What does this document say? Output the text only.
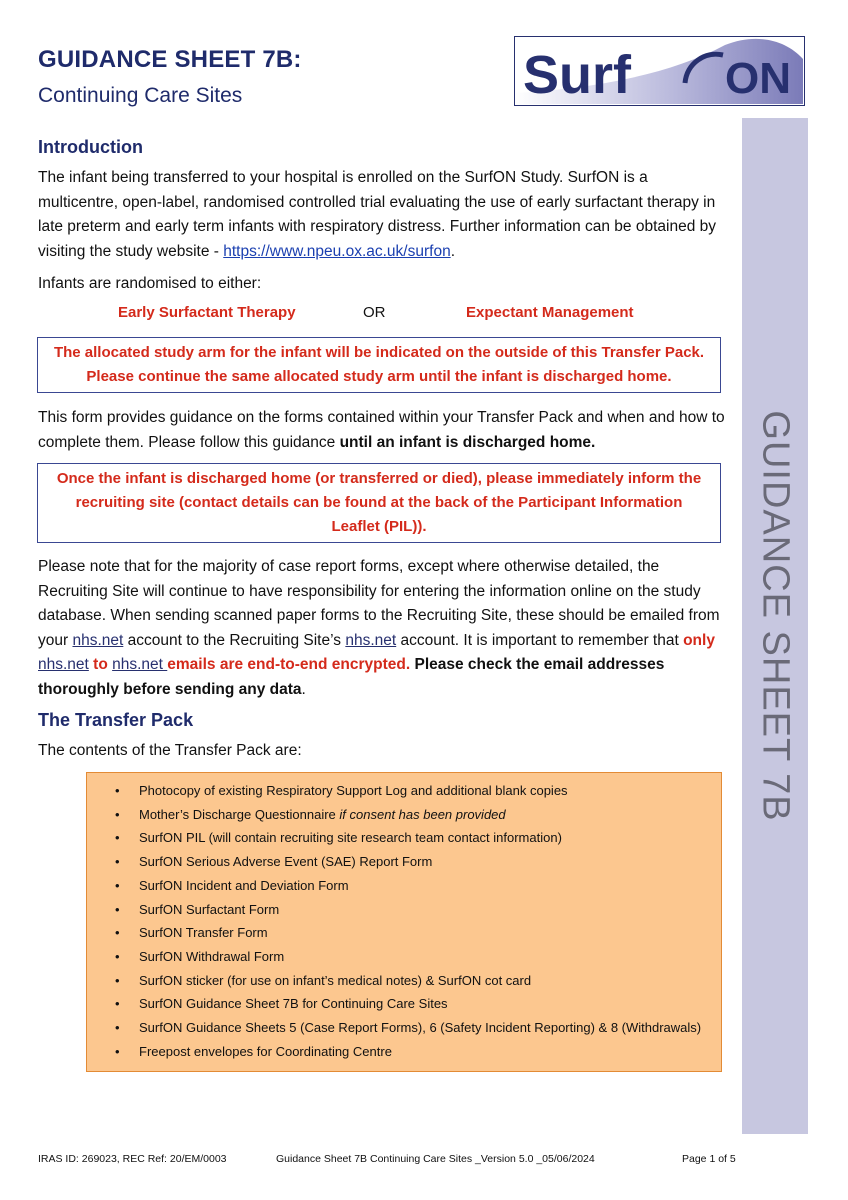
GUIDANCE SHEET 7B:
Continuing Care Sites	Surf ON
GUIDANCE SHEET 7B
Introduction
The infant being transferred to your hospital is enrolled on the SurfON Study. SurfON is a multicentre, open-label, randomised controlled trial evaluating the use of early surfactant therapy in late preterm and early term infants with respiratory distress. Further information can be obtained by visiting the study website - https://www.npeu.ox.ac.uk/surfon.
Infants are randomised to either:
Early Surfactant Therapy	OR	Expectant Management
The allocated study arm for the infant will be indicated on the outside of this Transfer Pack.
Please continue the same allocated study arm until the infant is discharged home.
This form provides guidance on the forms contained within your Transfer Pack and when and how to complete them. Please follow this guidance until an infant is discharged home.
Once the infant is discharged home (or transferred or died), please immediately inform the recruiting site (contact details can be found at the back of the Participant Information Leaflet (PIL)).
Please note that for the majority of case report forms, except where otherwise detailed, the Recruiting Site will continue to have responsibility for entering the information online on the study database. When sending scanned paper forms to the Recruiting Site, these should be emailed from your nhs.net account to the Recruiting Site’s nhs.net account. It is important to remember that only nhs.net to nhs.net emails are end-to-end encrypted. Please check the email addresses thoroughly before sending any data.
The Transfer Pack
The contents of the Transfer Pack are:
• Photocopy of existing Respiratory Support Log and additional blank copies
• Mother’s Discharge Questionnaire if consent has been provided
• SurfON PIL (will contain recruiting site research team contact information)
• SurfON Serious Adverse Event (SAE) Report Form
• SurfON Incident and Deviation Form
• SurfON Surfactant Form
• SurfON Transfer Form
• SurfON Withdrawal Form
• SurfON sticker (for use on infant’s medical notes) & SurfON cot card
• SurfON Guidance Sheet 7B for Continuing Care Sites
• SurfON Guidance Sheets 5 (Case Report Forms), 6 (Safety Incident Reporting) & 8 (Withdrawals)
• Freepost envelopes for Coordinating Centre
IRAS ID: 269023, REC Ref: 20/EM/0003	Guidance Sheet 7B Continuing Care Sites _Version 5.0 _05/06/2024	Page 1 of 5
